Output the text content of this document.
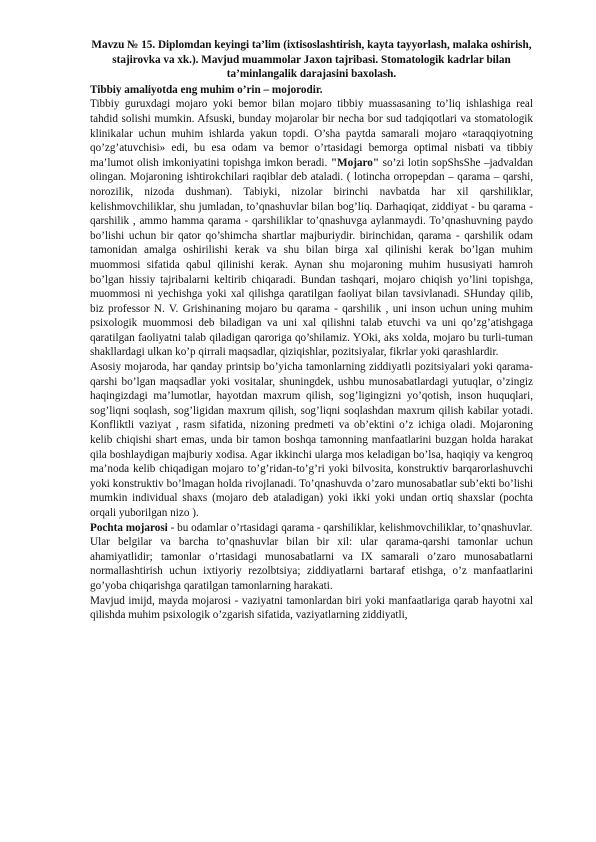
Mavzu № 15. Diplomdan keyingi ta’lim (ixtisoslashtirish, kayta tayyorlash, malaka oshirish, stajirovka va xk.). Mavjud muammolar Jaxon tajribasi. Stomatologik kadrlar bilan ta’minlangalik darajasini baxolash.

Tibbiy amaliyotda eng muhim o’rin – mojorodir.

Tibbiy guruxdagi mojaro yoki bemor bilan mojaro tibbiy muassasaning to’liq ishlashiga real tahdid solishi mumkin. Afsuski, bunday mojarolar bir necha bor sud tadqiqotlari va stomatologik klinikalar uchun muhim ishlarda yakun topdi. O’sha paytda samarali mojaro «taraqqiyotning qo’zg’atuvchisi» edi, bu esa odam va bemor o’rtasidagi bemorga optimal nisbati va tibbiy ma’lumot olish imkoniyatini topishga imkon beradi. "Mojaro" so’zi lotin sopShsShe –jadvaldan olingan. Mojaroning ishtirokchilari raqiblar deb ataladi. ( lotincha orropepdan – qarama – qarshi, norozilik, nizoda dushman). Tabiyki, nizolar birinchi navbatda har xil qarshiliklar, kelishmovchiliklar, shu jumladan, to’qnashuvlar bilan bog’liq. Darhaqiqat, ziddiyat - bu qarama - qarshilik , ammo hamma qarama - qarshiliklar to’qnashuvga aylanmaydi. To’qnashuvning paydo bo’lishi uchun bir qator qo’shimcha shartlar majburiydir. birinchidan, qarama - qarshilik odam tamonidan amalga oshirilishi kerak va shu bilan birga xal qilinishi kerak bo’lgan muhim muommosi sifatida qabul qilinishi kerak. Aynan shu mojaroning muhim hususiyati hamroh bo’lgan hissiy tajribalarni keltirib chiqaradi. Bundan tashqari, mojaro chiqish yo’lini topishga, muommosi ni yechishga yoki xal qilishga qaratilgan faoliyat bilan tavsivlanadi. SHunday qilib, biz professor N. V. Grishinaning mojaro bu qarama - qarshilik , uni inson uchun uning muhim psixologik muommosi deb biladigan va uni xal qilishni talab etuvchi va uni qo’zg’atishgaga qaratilgan faoliyatni talab qiladigan qaroriga qo’shilamiz. YOki, aks xolda, mojaro bu turli-tuman shakllardagi ulkan ko’p qirrali maqsadlar, qiziqishlar, pozitsiyalar, fikrlar yoki qarashlardir.

Asosiy mojaroda, har qanday printsip bo’yicha tamonlarning ziddiyatli pozitsiyalari yoki qarama-qarshi bo’lgan maqsadlar yoki vositalar, shuningdek, ushbu munosabatlardagi yutuqlar, o’zingiz haqingizdagi ma’lumotlar, hayotdan maxrum qilish, sog’ligingizni yo’qotish, inson huquqlari, sog’liqni soqlash, sog’ligidan maxrum qilish, sog’liqni soqlashdan maxrum qilish kabilar yotadi. Konfliktli vaziyat , rasm sifatida, nizoning predmeti va ob’ektini o’z ichiga oladi. Mojaroning kelib chiqishi shart emas, unda bir tamon boshqa tamonning manfaatlarini buzgan holda harakat qila boshlaydigan majburiy xodisa. Agar ikkinchi ularga mos keladigan bo’lsa, haqiqiy va kengroq ma’noda kelib chiqadigan mojaro to’g’ridan-to’g’ri yoki bilvosita, konstruktiv barqarorlashuvchi yoki konstruktiv bo’lmagan holda rivojlanadi. To’qnashuvda o’zaro munosabatlar sub’ekti bo’lishi mumkin individual shaxs (mojaro deb ataladigan) yoki ikki yoki undan ortiq shaxslar (pochta orqali yuborilgan nizo ).

Pochta mojarosi - bu odamlar o’rtasidagi qarama - qarshiliklar, kelishmovchiliklar, to’qnashuvlar.

Ular belgilar va barcha to’qnashuvlar bilan bir xil: ular qarama-qarshi tamonlar uchun ahamiyatlidir; tamonlar o’rtasidagi munosabatlarni va IX samarali o’zaro munosabatlarni normallashtirish uchun ixtiyoriy rezolbtsiya; ziddiyatlarni bartaraf etishga, o’z manfaatlarini go’yoba chiqarishga qaratilgan tamonlarning harakati.

Mavjud imijd, mayda mojarosi - vaziyatni tamonlardan biri yoki manfaatlariga qarab hayotni xal qilishda muhim psixologik o’zgarish sifatida, vaziyatlarning ziddiyatli,
